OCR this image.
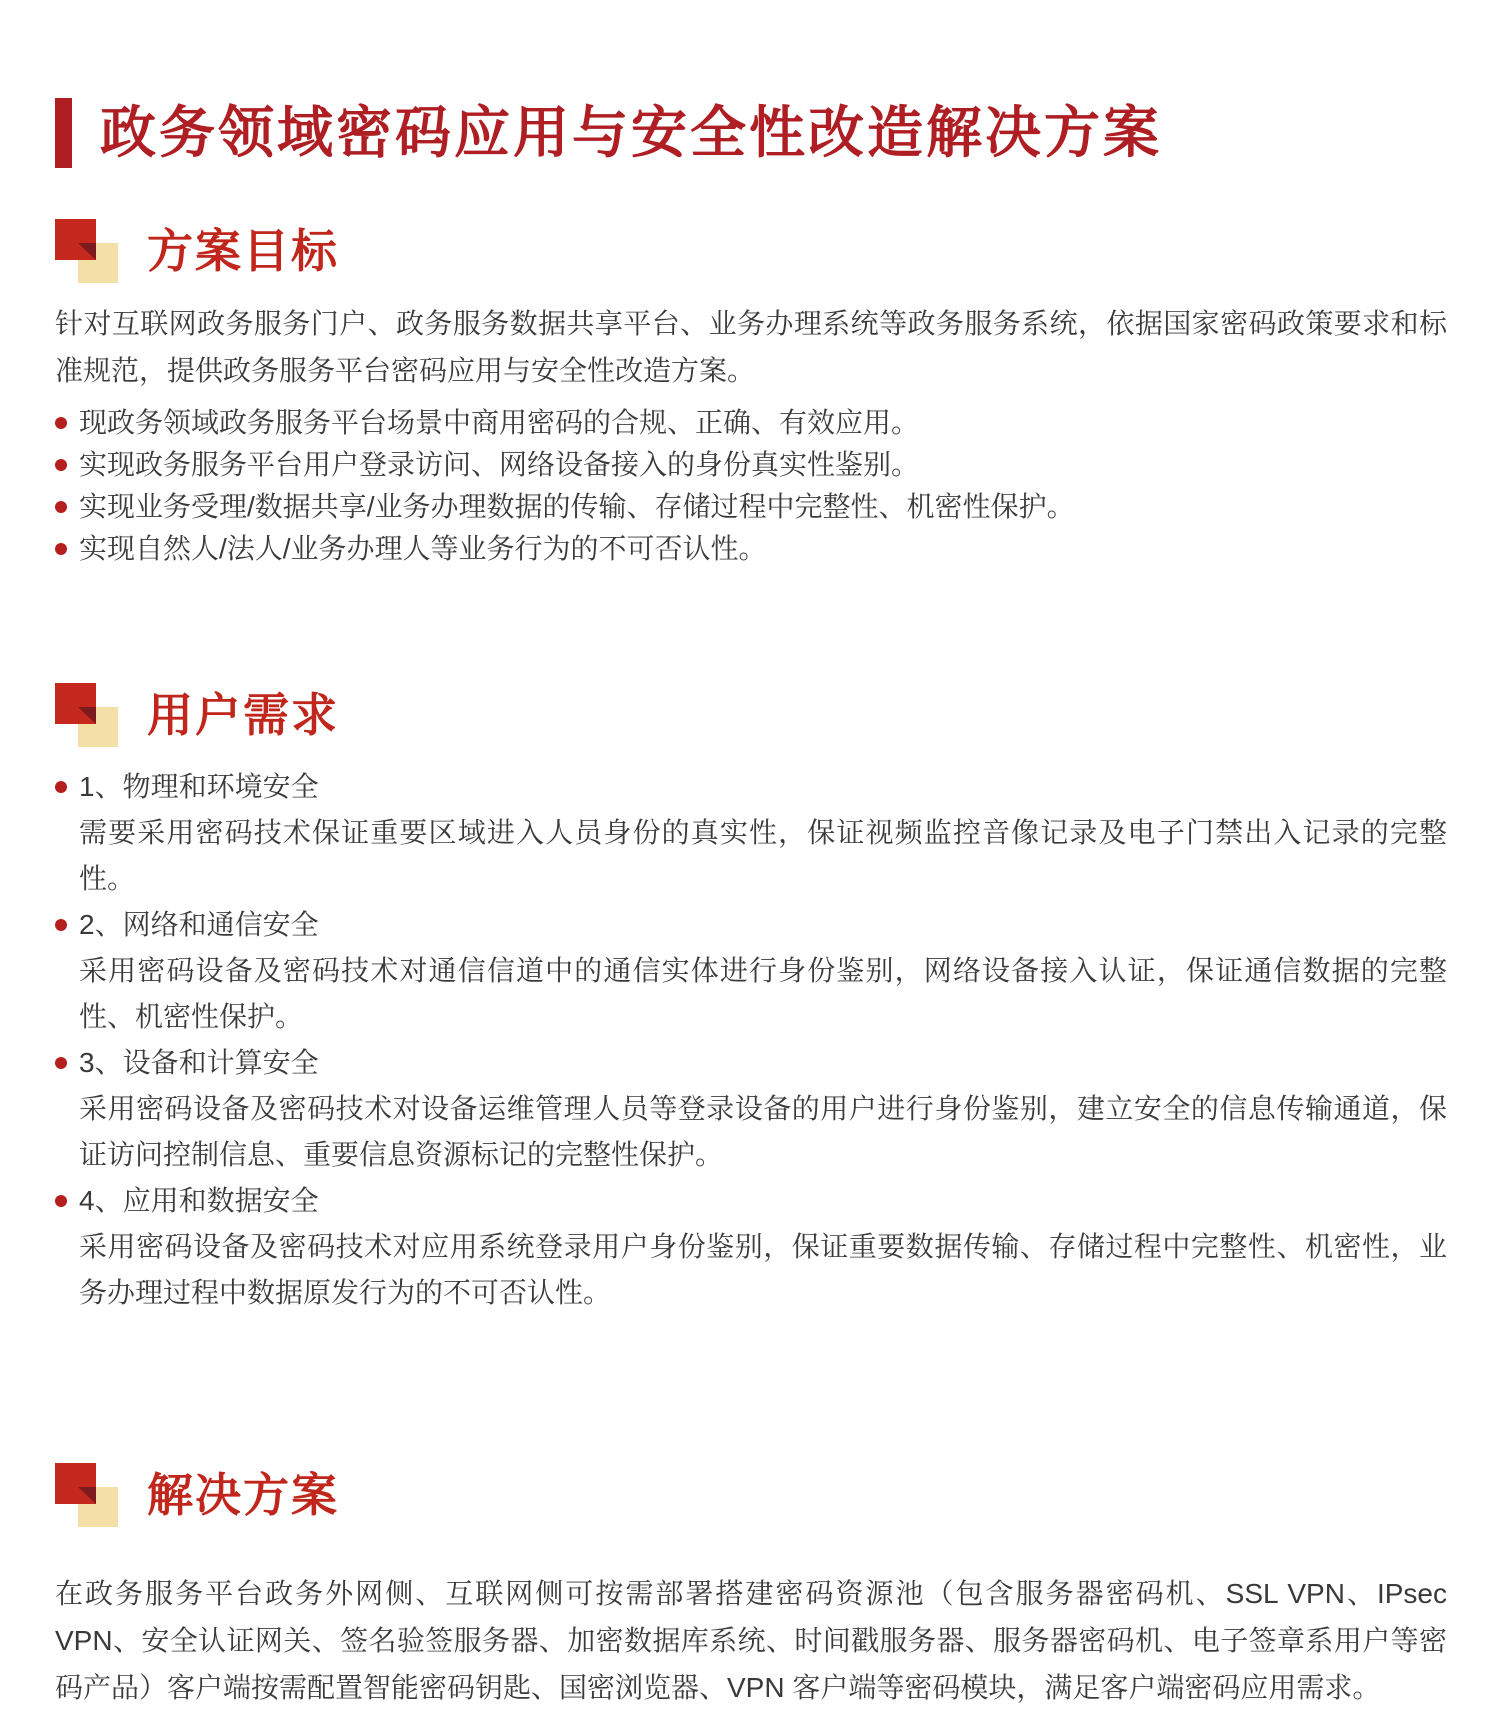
政务领域密码应用与安全性改造解决方案
方案目标

针对互联网政务服务门户、政务服务数据共享平台、业务办理系统等政务服务系统，依据国家密码政策要求和标准规范，提供政务服务平台密码应用与安全性改造方案。

现政务领域政务服务平台场景中商用密码的合规、正确、有效应用。
实现政务服务平台用户登录访问、网络设备接入的身份真实性鉴别。
实现业务受理/数据共享/业务办理数据的传输、存储过程中完整性、机密性保护。
实现自然人/法人/业务办理人等业务行为的不可否认性。
用户需求
1、物理和环境安全

需要采用密码技术保证重要区域进入人员身份的真实性，保证视频监控音像记录及电子门禁出入记录的完整性。

2、网络和通信安全

采用密码设备及密码技术对通信信道中的通信实体进行身份鉴别，网络设备接入认证，保证通信数据的完整性、机密性保护。

3、设备和计算安全

采用密码设备及密码技术对设备运维管理人员等登录设备的用户进行身份鉴别，建立安全的信息传输通道，保证访问控制信息、重要信息资源标记的完整性保护。

4、应用和数据安全

采用密码设备及密码技术对应用系统登录用户身份鉴别，保证重要数据传输、存储过程中完整性、机密性，业务办理过程中数据原发行为的不可否认性。

解决方案

在政务服务平台政务外网侧、互联网侧可按需部署搭建密码资源池（包含服务器密码机、SSL VPN、IPsec VPN、安全认证网关、签名验签服务器、加密数据库系统、时间戳服务器、服务器密码机、电子签章系用户等密码产品）客户端按需配置智能密码钥匙、国密浏览器、VPN 客户端等密码模块，满足客户端密码应用需求。
